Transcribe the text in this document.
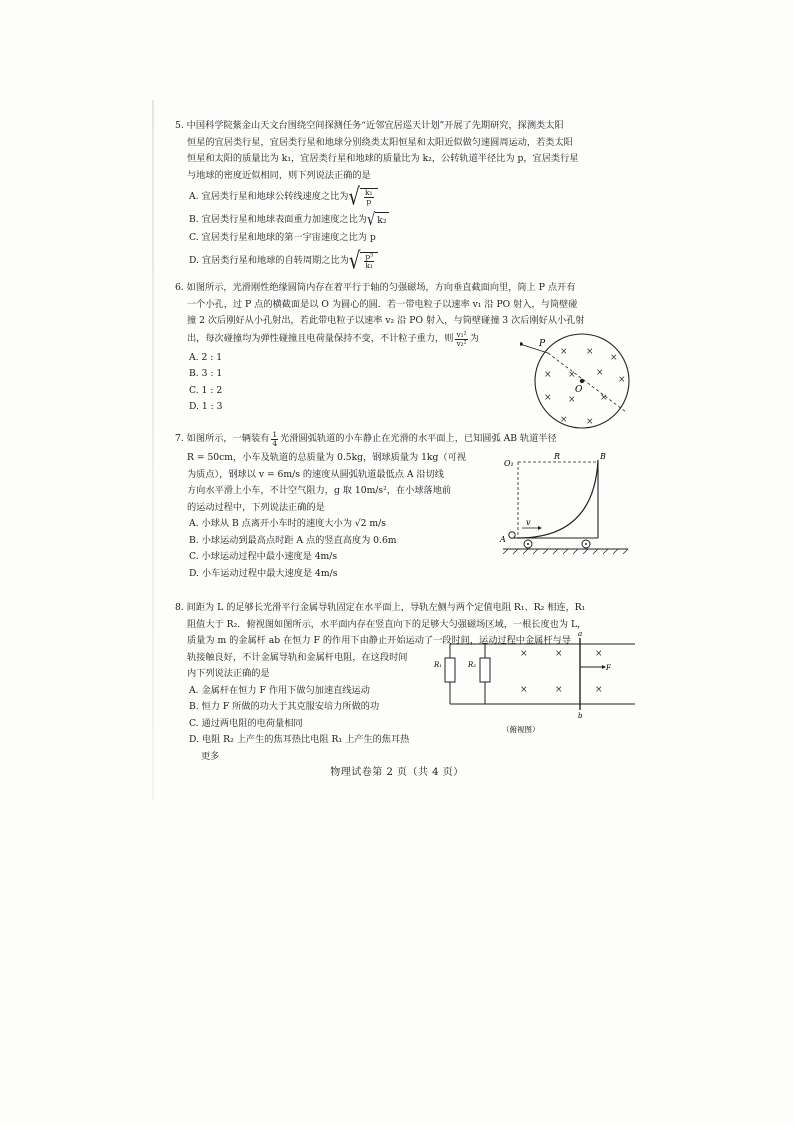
5. 中国科学院紫金山天文台围绕空间探测任务“近邻宜居巡天计划”开展了先期研究，探测类太阳
恒星的宜居类行星，宜居类行星和地球分别绕类太阳恒星和太阳近似做匀速圆周运动，若类太阳
恒星和太阳的质量比为 k₁，宜居类行星和地球的质量比为 k₂，公转轨道半径比为 p，宜居类行星
与地球的密度近似相同，则下列说法正确的是
A. 宜居类行星和地球公转线速度之比为 √ $\frac{\text{k₁}}{p}$
B. 宜居类行星和地球表面重力加速度之比为 √ k₂
C. 宜居类行星和地球的第一宇宙速度之比为 p
D. 宜居类行星和地球的自转周期之比为 √ $\frac{\text{p³}}{\text{k₁}}$
6. 如图所示，光滑刚性绝缘圆筒内存在着平行于轴的匀强磁场，方向垂直截面向里，筒上 P 点开有
一个小孔，过 P 点的横截面是以 O 为圆心的圆．若一带电粒子以速率 v₁ 沿 PO 射入，与筒壁碰
撞 2 次后刚好从小孔射出，若此带电粒子以速率 v₂ 沿 PO 射入，与筒壁碰撞 3 次后刚好从小孔射
出，每次碰撞均为弹性碰撞且电荷量保持不变，不计粒子重力，则 $\frac{\text{v₁²}}{\text{v₂²}}$ 为
A. 2 : 1
B. 3 : 1
C. 1 : 2
D. 1 : 3
P
O
× ×
×
× × ×
×
× ×	×
× ×
7. 如图所示，一辆装有 $\frac{1}{4}$ 光滑圆弧轨道的小车静止在光滑的水平面上，已知圆弧 AB 轨道半径
R = 50cm，小车及轨道的总质量为 0.5kg，钢球质量为 1kg（可视
为质点），钢球以 v = 6m/s 的速度从圆弧轨道最低点 A 沿切线
方向水平滑上小车，不计空气阻力，g 取 10m/s²，在小球落地前
的运动过程中，下列说法正确的是
A. 小球从 B 点离开小车时的速度大小为 √2 m/s
B. 小球运动到最高点时距 A 点的竖直高度为 0.6m
C. 小球运动过程中最小速度是 4m/s
D. 小车运动过程中最大速度是 4m/s
O₁
R	B
A
v
8. 间距为 L 的足够长光滑平行金属导轨固定在水平面上，导轨左侧与两个定值电阻 R₁、R₂ 相连，R₁
阻值大于 R₂．俯视图如图所示，水平面内存在竖直向下的足够大匀强磁场区域，一根长度也为 L，
质量为 m 的金属杆 ab 在恒力 F 的作用下由静止开始运动了一段时间，运动过程中金属杆与导
轨接触良好，不计金属导轨和金属杆电阻，在这段时间
内下列说法正确的是
A. 金属杆在恒力 F 作用下做匀加速直线运动
B. 恒力 F 所做的功大于其克服安培力所做的功
C. 通过两电阻的电荷量相同
D. 电阻 R₂ 上产生的焦耳热比电阻 R₁ 上产生的焦耳热
更多
R₁	R₂
a
b
F
×	×	×
×	×	×
（俯视图）
物理试卷第 2 页（共 4 页）
